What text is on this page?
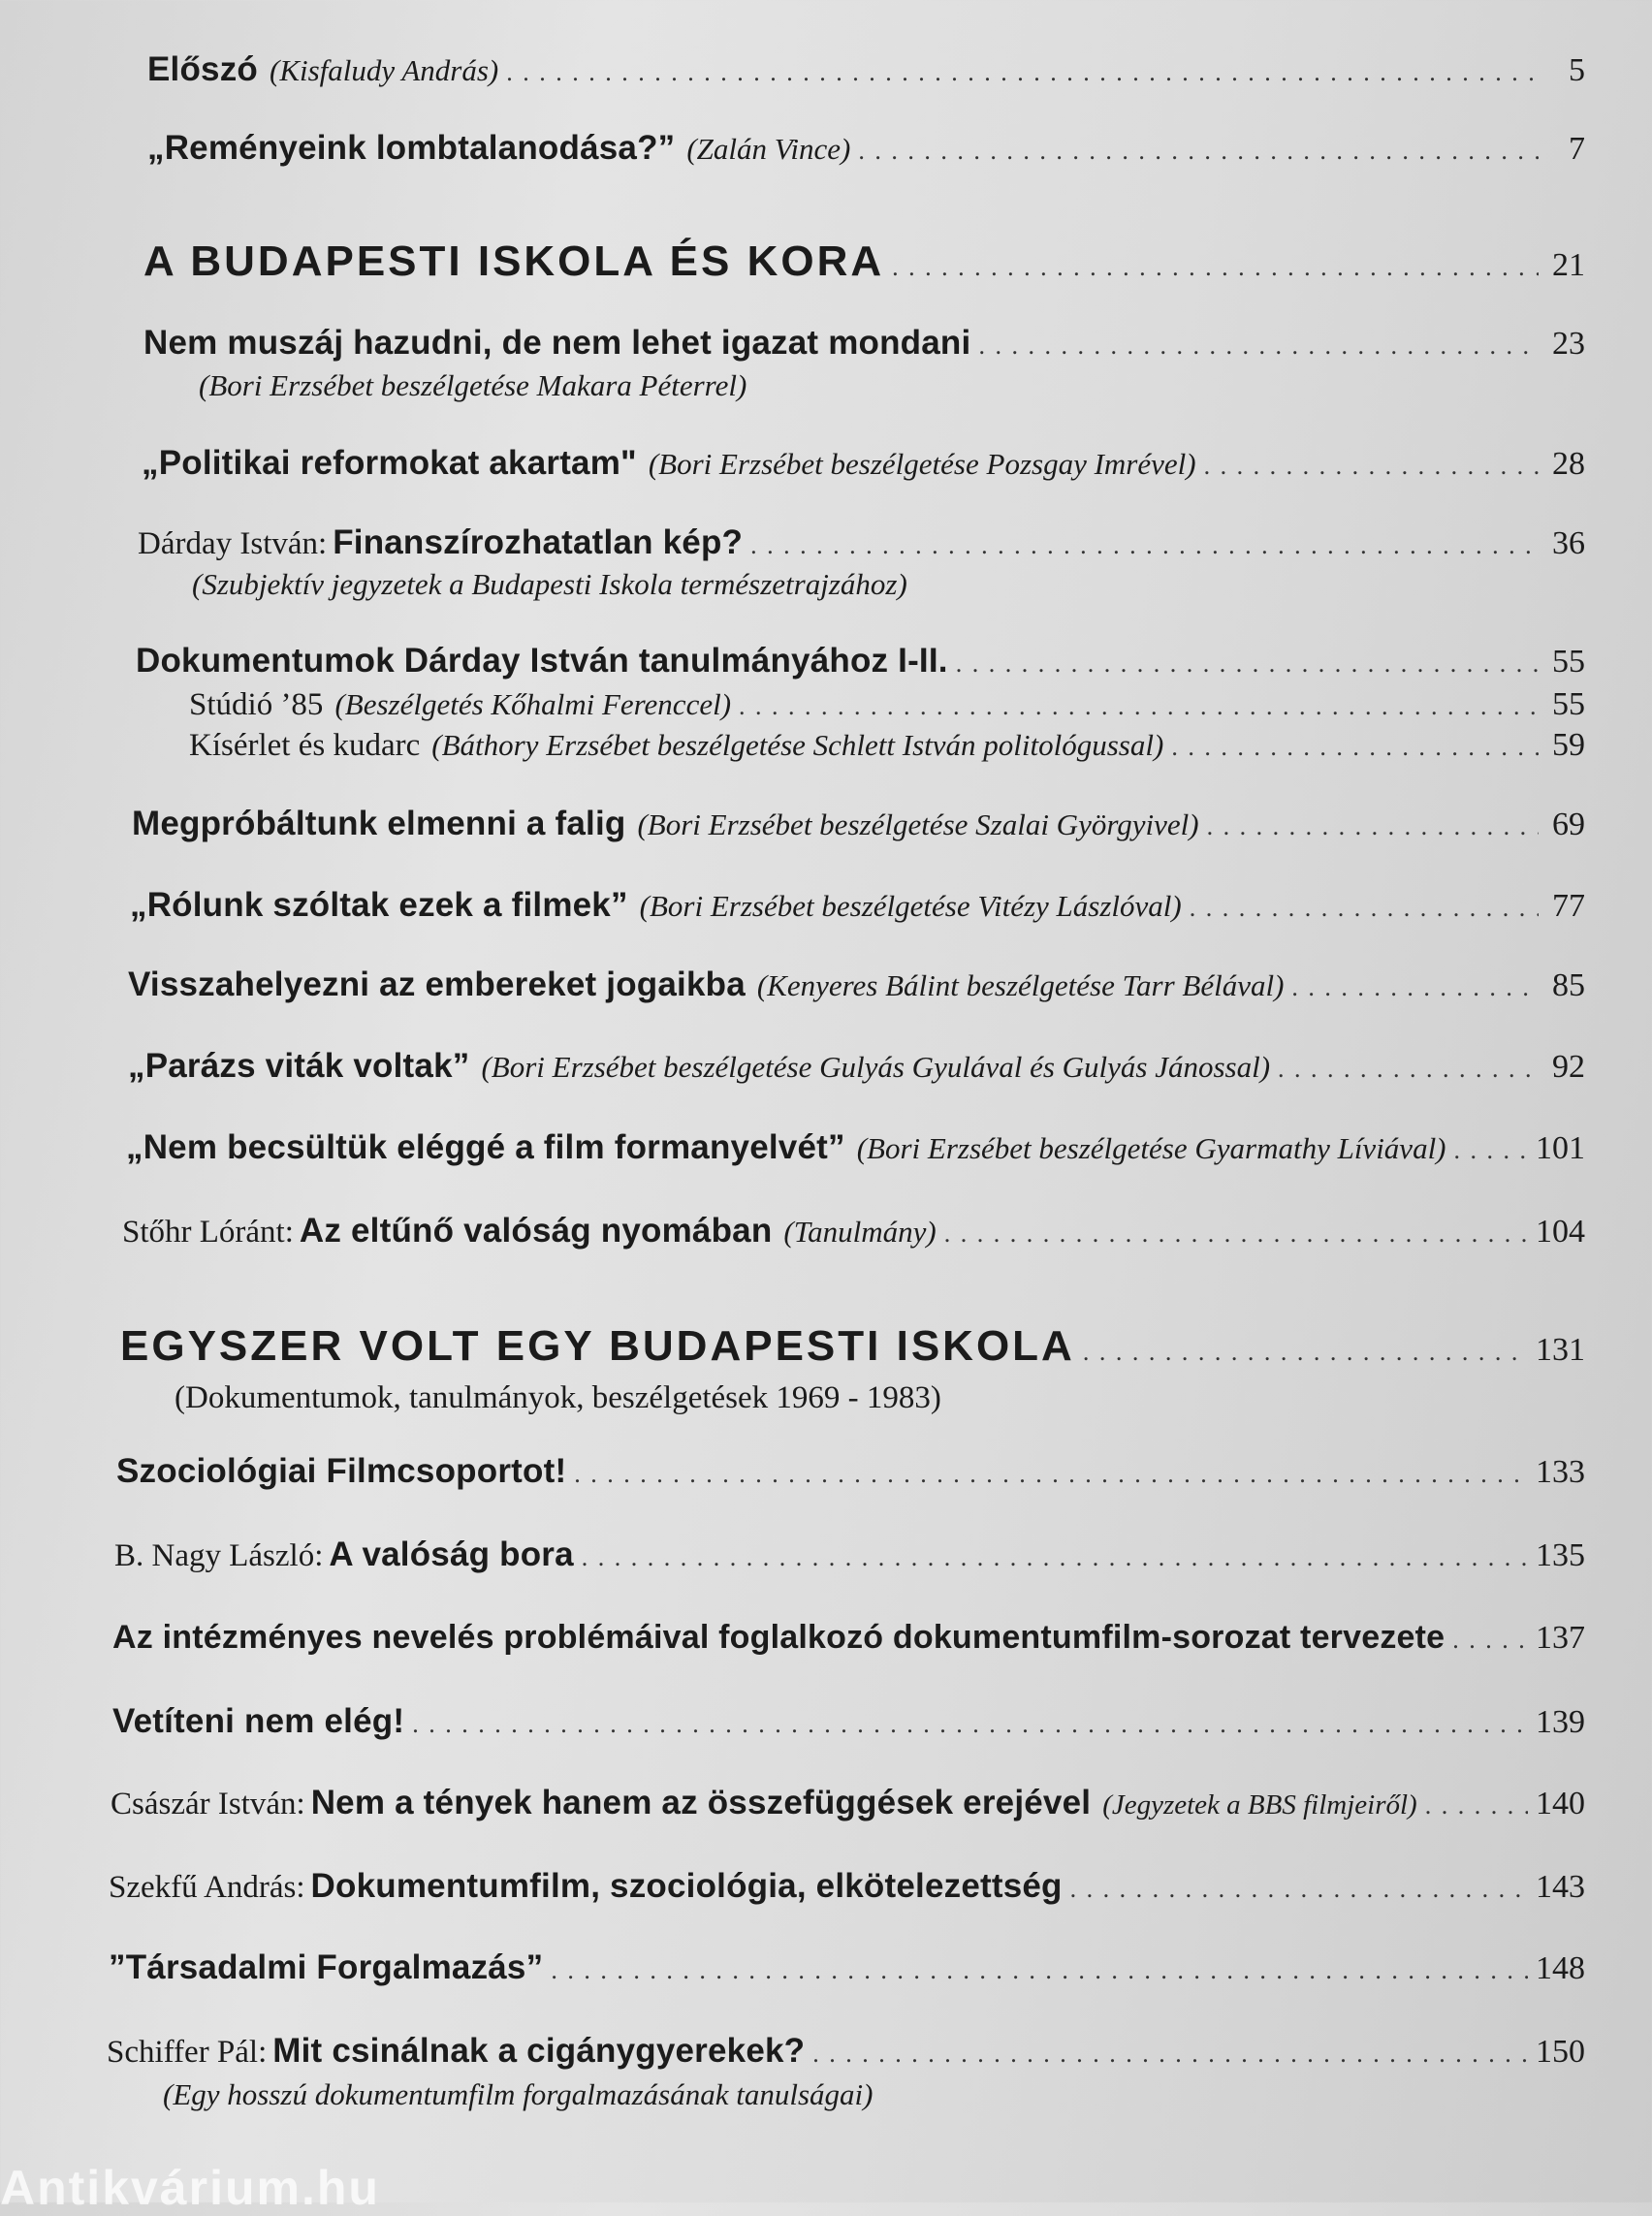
Előszó (Kisfaludy András) . . .	5
„Reményeink lombtalanodása?” (Zalán Vince) . . .	7
A BUDAPESTI ISKOLA ÉS KORA . . .	21
Nem muszáj hazudni, de nem lehet igazat mondani . . .	23
(Bori Erzsébet beszélgetése Makara Péterrel)
„Politikai reformokat akartam" (Bori Erzsébet beszélgetése Pozsgay Imrével) . . .	28
Dárday István: Finanszírozhatatlan kép? . . .	36
(Szubjektív jegyzetek a Budapesti Iskola természetrajzához)
Dokumentumok Dárday István tanulmányához I-II. . . .	55
Stúdió ’85 (Beszélgetés Kőhalmi Ferenccel) . . .	55
Kísérlet és kudarc (Báthory Erzsébet beszélgetése Schlett István politológussal) . . .	59
Megpróbáltunk elmenni a falig (Bori Erzsébet beszélgetése Szalai Györgyivel) . . .	69
„Rólunk szóltak ezek a filmek” (Bori Erzsébet beszélgetése Vitézy Lászlóval) . . .	77
Visszahelyezni az embereket jogaikba (Kenyeres Bálint beszélgetése Tarr Bélával) . . .	85
„Parázs viták voltak” (Bori Erzsébet beszélgetése Gulyás Gyulával és Gulyás Jánossal) . . .	92
„Nem becsültük eléggé a film formanyelvét” (Bori Erzsébet beszélgetése Gyarmathy Líviával) . . .	101
Stőhr Lóránt: Az eltűnő valóság nyomában (Tanulmány) . . .	104
EGYSZER VOLT EGY BUDAPESTI ISKOLA . . .	131
(Dokumentumok, tanulmányok, beszélgetések 1969 - 1983)
Szociológiai Filmcsoportot! . . .	133
B. Nagy László: A valóság bora . . .	135
Az intézményes nevelés problémáival foglalkozó dokumentumfilm-sorozat tervezete . . .	137
Vetíteni nem elég! . . .	139
Császár István: Nem a tények hanem az összefüggések erejével (Jegyzetek a BBS filmjeiről) . . .	140
Szekfű András: Dokumentumfilm, szociológia, elkötelezettség . . .	143
”Társadalmi Forgalmazás” . . .	148
Schiffer Pál: Mit csinálnak a cigánygyerekek? . . .	150
(Egy hosszú dokumentumfilm forgalmazásának tanulságai)
Antikvárium.hu
